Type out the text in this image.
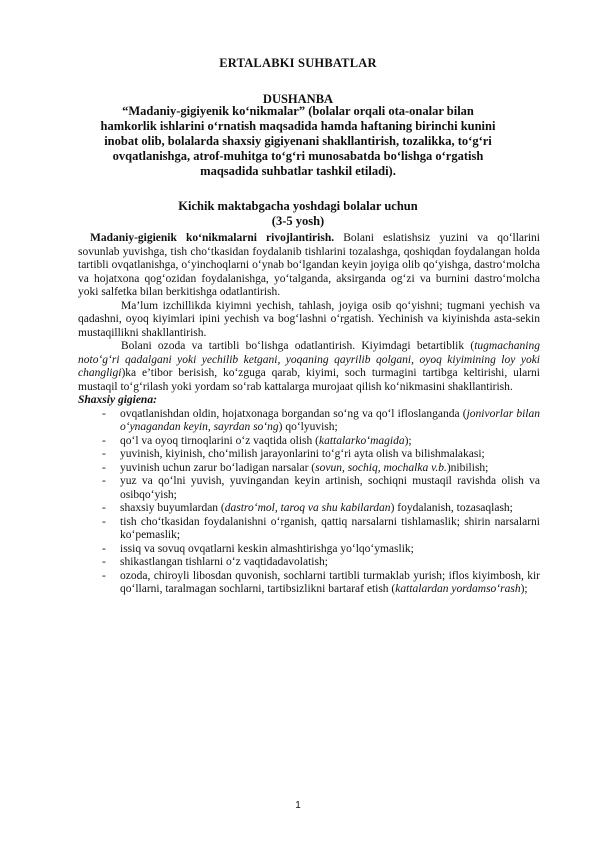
ERTALABKI SUHBATLAR
DUSHANBA
“Madaniy-gigiyenik ko‘nikmalar” (bolalar orqali ota-onalar bilan hamkorlik ishlarini o‘rnatish maqsadida hamda haftaning birinchi kunini inobat olib, bolalarda shaxsiy gigiyenani shakllantirish, tozalikka, to‘g‘ri ovqatlanishga, atrof-muhitga to‘g‘ri munosabatda bo‘lishga o‘rgatish maqsadida suhbatlar tashkil etiladi).
Kichik maktabgacha yoshdagi bolalar uchun
(3-5 yosh)

Madaniy-gigienik ko‘nikmalarni rivojlantirish. Bolani eslatishsiz yuzini va qo‘llarini sovunlab yuvishga, tish cho‘tkasidan foydalanib tishlarini tozalashga, qoshiqdan foydalangan holda tartibli ovqatlanishga, o‘yinchoqlarni o‘ynab bo‘lgandan keyin joyiga olib qo‘yishga, dastro‘molcha va hojatxona qog‘ozidan foydalanishga, yo‘talganda, aksirganda og‘zi va burnini dastro‘molcha yoki salfetka bilan berkitishga odatlantirish.

Ma’lum izchillikda kiyimni yechish, tahlash, joyiga osib qo‘yishni; tugmani yechish va qadashni, oyoq kiyimlari ipini yechish va bog‘lashni o‘rgatish. Yechinish va kiyinishda asta-sekin mustaqillikni shakllantirish.

Bolani ozoda va tartibli bo‘lishga odatlantirish. Kiyimdagi betartiblik (tugmachaning noto‘g‘ri qadalgani yoki yechilib ketgani, yoqaning qayrilib qolgani, oyoq kiyimining loy yoki changligi)ka e’tibor berisish, ko‘zguga qarab, kiyimi, soch turmagini tartibga keltirishi, ularni mustaqil to‘g‘rilash yoki yordam so‘rab kattalarga murojaat qilish ko‘nikmasini shakllantirish.

Shaxsiy gigiena:

- ovqatlanishdan oldin, hojatxonaga borgandan so‘ng va qo‘l ifloslanganda (jonivorlar bilan o‘ynagandan keyin, sayrdan so‘ng) qo‘lyuvish;
- qo‘l va oyoq tirnoqlarini o‘z vaqtida olish (kattalarko‘magida);
- yuvinish, kiyinish, cho‘milish jarayonlarini to‘g‘ri ayta olish va bilishmalakasi;
- yuvinish uchun zarur bo‘ladigan narsalar (sovun, sochiq, mochalka v.b.)nibilish;
- yuz va qo‘lni yuvish, yuvingandan keyin artinish, sochiqni mustaqil ravishda olish va osibqo‘yish;
- shaxsiy buyumlardan (dastro‘mol, taroq va shu kabilardan) foydalanish, tozasaqlash;
- tish cho‘tkasidan foydalanishni o‘rganish, qattiq narsalarni tishlamaslik; shirin narsalarni ko‘pemaslik;
- issiq va sovuq ovqatlarni keskin almashtirishga yo‘lqo‘ymaslik;
- shikastlangan tishlarni o‘z vaqtidadavolatish;
- ozoda, chiroyli libosdan quvonish, sochlarni tartibli turmaklab yurish; iflos kiyimbosh, kir qo‘llarni, taralmagan sochlarni, tartibsizlikni bartaraf etish (kattalardan yordamso‘rash);
1
